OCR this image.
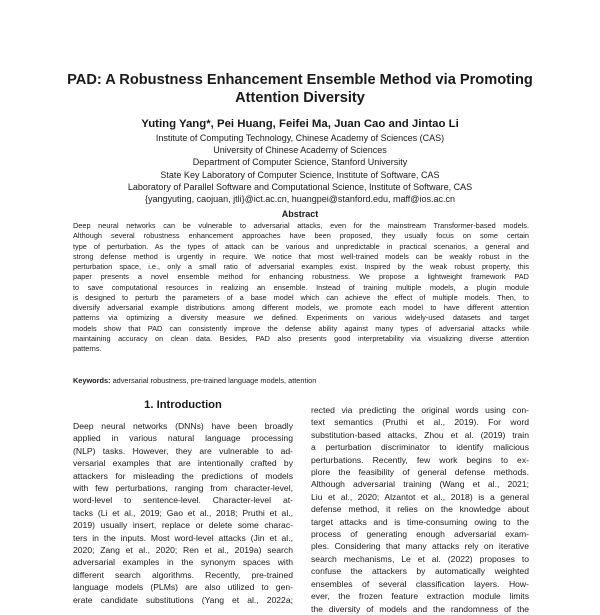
PAD: A Robustness Enhancement Ensemble Method via Promoting
Attention Diversity
Yuting Yang*, Pei Huang, Feifei Ma, Juan Cao and Jintao Li
Institute of Computing Technology, Chinese Academy of Sciences (CAS)
University of Chinese Academy of Sciences
Department of Computer Science, Stanford University
State Key Laboratory of Computer Science, Institute of Software, CAS
Laboratory of Parallel Software and Computational Science, Institute of Software, CAS
{yangyuting, caojuan, jtli}@ict.ac.cn, huangpei@stanford.edu, maff@ios.ac.cn
Abstract
Deep neural networks can be vulnerable to adversarial attacks, even for the mainstream Transformer-based models.
Although several robustness enhancement approaches have been proposed, they usually focus on some certain
type of perturbation. As the types of attack can be various and unpredictable in practical scenarios, a general and
strong defense method is urgently in require. We notice that most well-trained models can be weakly robust in the
perturbation space, i.e., only a small ratio of adversarial examples exist. Inspired by the weak robust property, this
paper presents a novel ensemble method for enhancing robustness. We propose a lightweight framework PAD
to save computational resources in realizing an ensemble. Instead of training multiple models, a plugin module
is designed to perturb the parameters of a base model which can achieve the effect of multiple models. Then, to
diversify adversarial example distributions among different models, we promote each model to have different attention
patterns via optimizing a diversity measure we defined. Experiments on various widely-used datasets and target
models show that PAD can consistently improve the defense ability against many types of adversarial attacks while
maintaining accuracy on clean data. Besides, PAD also presents good interpretability via visualizing diverse attention
patterns.
Keywords: adversarial robustness, pre-trained language models, attention
1. Introduction
Deep neural networks (DNNs) have been broadly
applied in various natural language processing
(NLP) tasks. However, they are vulnerable to ad-
versarial examples that are intentionally crafted by
attackers for misleading the predictions of models
with few perturbations, ranging from character-level,
word-level to sentence-level. Character-level at-
tacks (Li et al., 2019; Gao et al., 2018; Pruthi et al.,
2019) usually insert, replace or delete some charac-
ters in the inputs. Most word-level attacks (Jin et al.,
2020; Zang et al., 2020; Ren et al., 2019a) search
adversarial examples in the synonym spaces with
different search algorithms. Recently, pre-trained
language models (PLMs) are also utilized to gen-
erate candidate substitutions (Yang et al., 2022a;
rected via predicting the original words using con-
text semantics (Pruthi et al., 2019). For word
substitution-based attacks, Zhou et al. (2019) train
a perturbation discriminator to identify malicious
perturbations. Recently, few work begins to ex-
plore the feasibility of general defense methods.
Although adversarial training (Wang et al., 2021;
Liu et al., 2020; Alzantot et al., 2018) is a general
defense method, it relies on the knowledge about
target attacks and is time-consuming owing to the
process of generating enough adversarial exam-
ples. Considering that many attacks rely on iterative
search mechanisms, Le et al. (2022) proposes to
confuse the attackers by automatically weighted
ensembles of several classification layers. How-
ever, the frozen feature extraction module limits
the diversity of models and the randomness of the
